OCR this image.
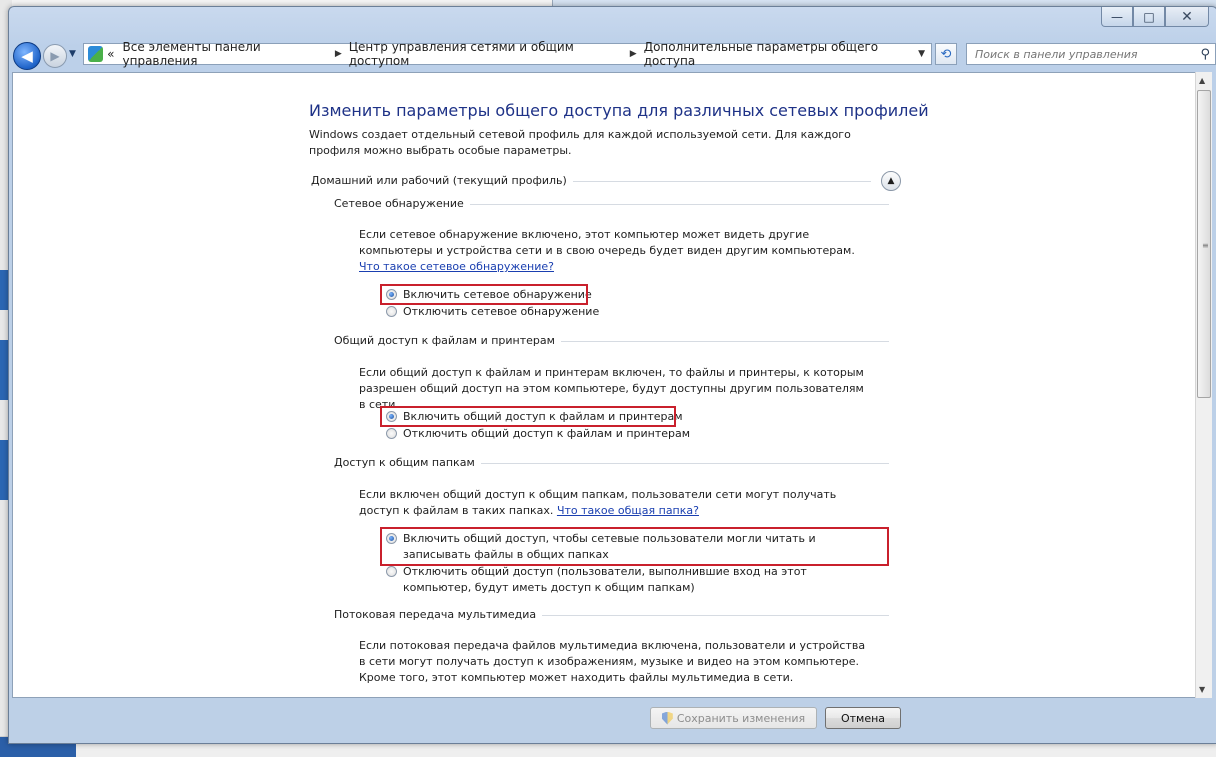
—	□	✕
◀ ▶ ▼	« Все элементы панели управления	▶ Центр управления сетями и общим доступом	▶ Дополнительные параметры общего доступа	▼ ⟲
Поиск в панели управления	⚲
Изменить параметры общего доступа для различных сетевых профилей
Windows создает отдельный сетевой профиль для каждой используемой сети. Для каждого профиля можно выбрать особые параметры.
Домашний или рабочий (текущий профиль)	▲
Сетевое обнаружение
Если сетевое обнаружение включено, этот компьютер может видеть другие компьютеры и устройства сети и в свою очередь будет виден другим компьютерам. Что такое сетевое обнаружение?
Включить сетевое обнаружение
Отключить сетевое обнаружение
Общий доступ к файлам и принтерам
Если общий доступ к файлам и принтерам включен, то файлы и принтеры, к которым разрешен общий доступ на этом компьютере, будут доступны другим пользователям в сети.
Включить общий доступ к файлам и принтерам
Отключить общий доступ к файлам и принтерам
Доступ к общим папкам
Если включен общий доступ к общим папкам, пользователи сети могут получать доступ к файлам в таких папках. Что такое общая папка?
Включить общий доступ, чтобы сетевые пользователи могли читать и записывать файлы в общих папках
Отключить общий доступ (пользователи, выполнившие вход на этот компьютер, будут иметь доступ к общим папкам)
Потоковая передача мультимедиа
Если потоковая передача файлов мультимедиа включена, пользователи и устройства в сети могут получать доступ к изображениям, музыке и видео на этом компьютере. Кроме того, этот компьютер может находить файлы мультимедиа в сети.
▲
≡
▼
Сохранить изменения	Отмена
